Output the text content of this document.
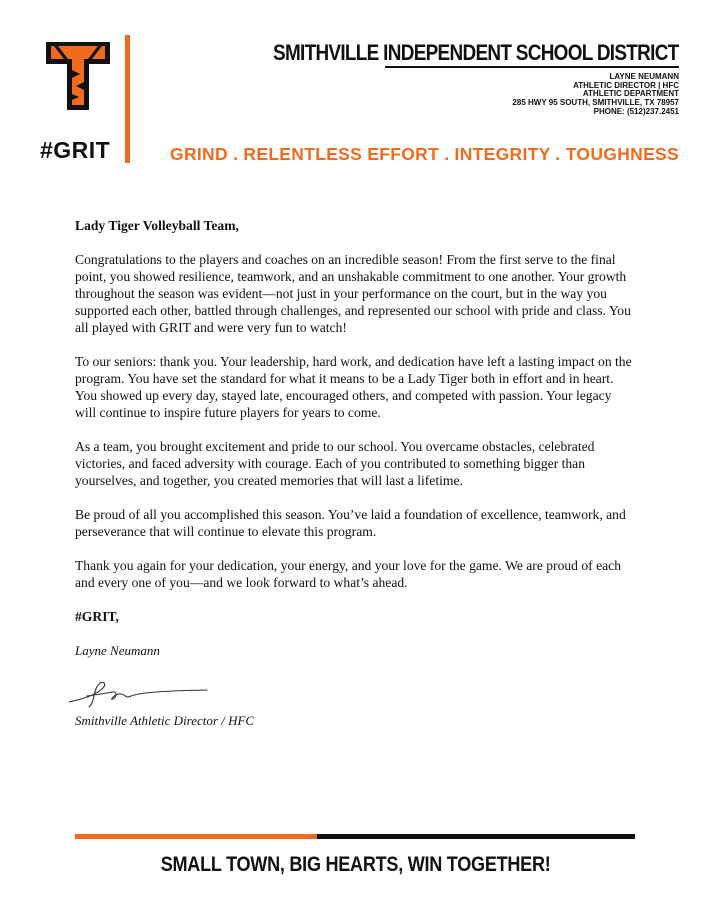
#GRIT
SMITHVILLE INDEPENDENT SCHOOL DISTRICT
LAYNE NEUMANN
ATHLETIC DIRECTOR | HFC
ATHLETIC DEPARTMENT
285 HWY 95 SOUTH, SMITHVILLE, TX 78957
PHONE: (512)237.2451
GRIND . RELENTLESS EFFORT . INTEGRITY . TOUGHNESS

Lady Tiger Volleyball Team,

Congratulations to the players and coaches on an incredible season! From the first serve to the final point, you showed resilience, teamwork, and an unshakable commitment to one another. Your growth throughout the season was evident—not just in your performance on the court, but in the way you supported each other, battled through challenges, and represented our school with pride and class. You all played with GRIT and were very fun to watch!

To our seniors: thank you. Your leadership, hard work, and dedication have left a lasting impact on the program. You have set the standard for what it means to be a Lady Tiger both in effort and in heart. You showed up every day, stayed late, encouraged others, and competed with passion. Your legacy will continue to inspire future players for years to come.

As a team, you brought excitement and pride to our school. You overcame obstacles, celebrated victories, and faced adversity with courage. Each of you contributed to something bigger than yourselves, and together, you created memories that will last a lifetime.

Be proud of all you accomplished this season. You’ve laid a foundation of excellence, teamwork, and perseverance that will continue to elevate this program.

Thank you again for your dedication, your energy, and your love for the game. We are proud of each and every one of you—and we look forward to what’s ahead.

#GRIT,

Layne Neumann

Smithville Athletic Director / HFC

SMALL TOWN, BIG HEARTS, WIN TOGETHER!
